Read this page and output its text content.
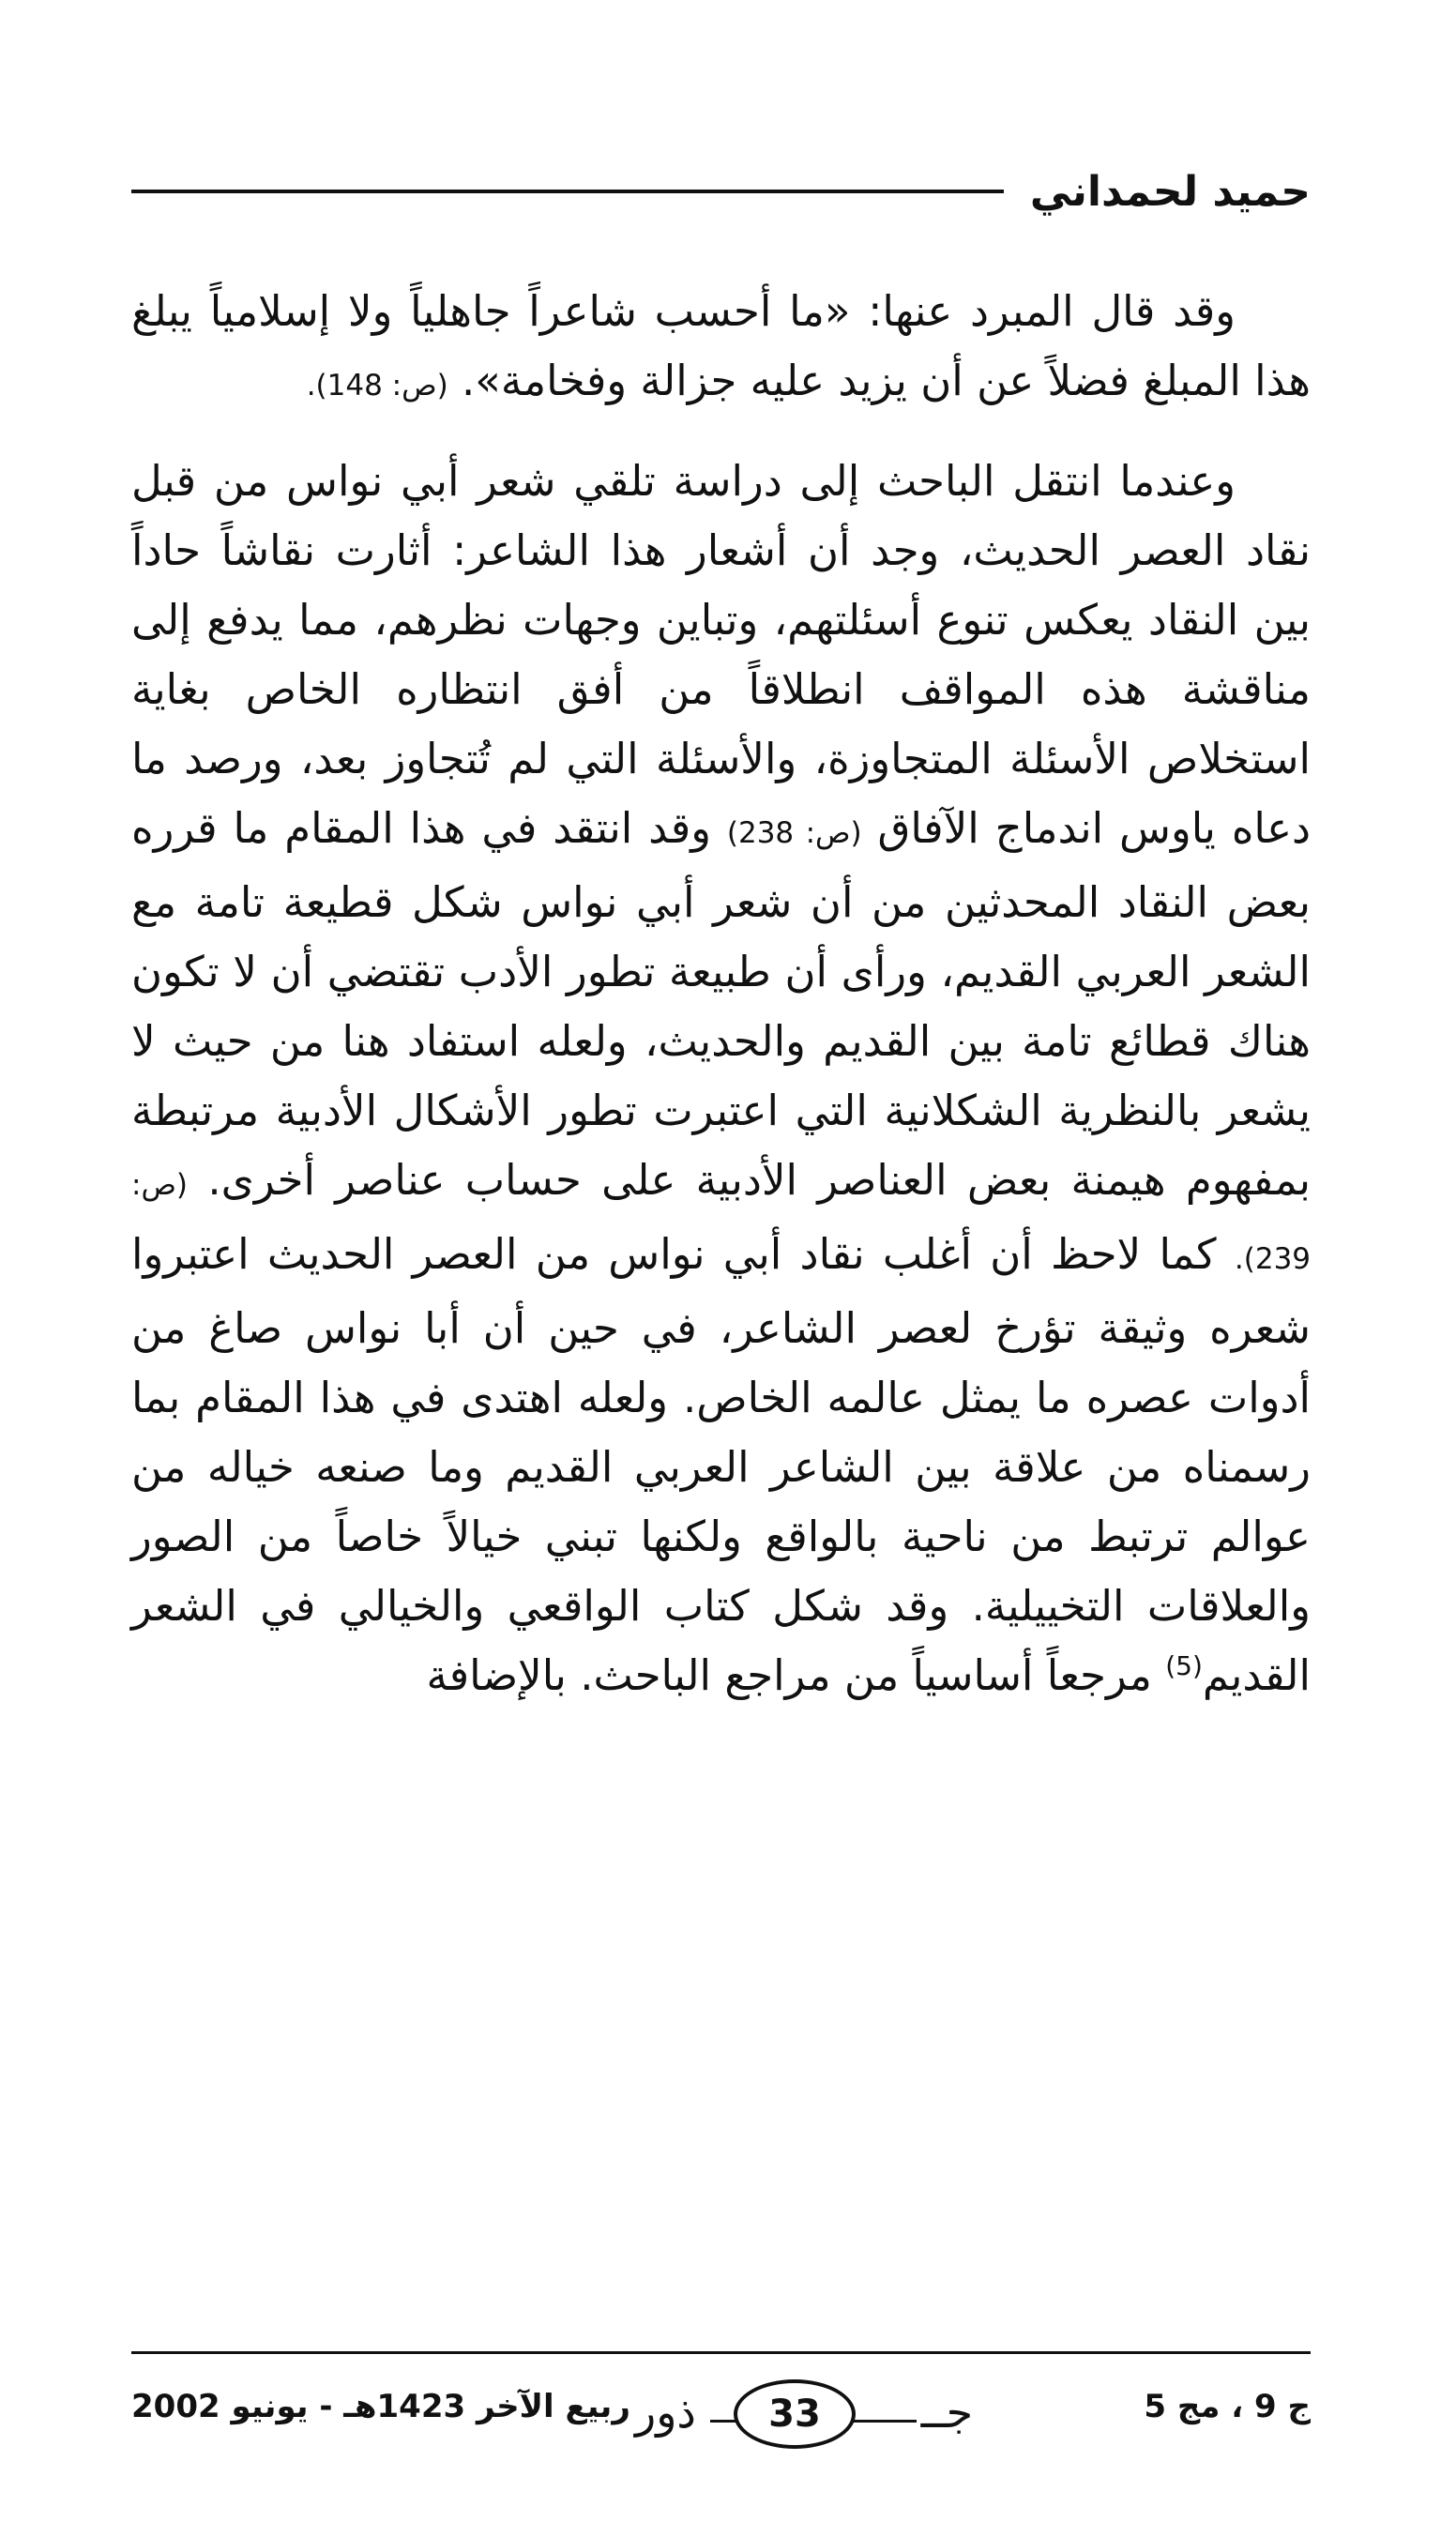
حميد لحمداني

وقد قال المبرد عنها: «ما أحسب شاعراً جاهلياً ولا إسلامياً يبلغ هذا المبلغ فضلاً عن أن يزيد عليه جزالة وفخامة». (ص: 148).

وعندما انتقل الباحث إلى دراسة تلقي شعر أبي نواس من قبل نقاد العصر الحديث، وجد أن أشعار هذا الشاعر: أثارت نقاشاً حاداً بين النقاد يعكس تنوع أسئلتهم، وتباين وجهات نظرهم، مما يدفع إلى مناقشة هذه المواقف انطلاقاً من أفق انتظاره الخاص بغاية استخلاص الأسئلة المتجاوزة، والأسئلة التي لم تُتجاوز بعد، ورصد ما دعاه ياوس اندماج الآفاق (ص: 238) وقد انتقد في هذا المقام ما قرره بعض النقاد المحدثين من أن شعر أبي نواس شكل قطيعة تامة مع الشعر العربي القديم، ورأى أن طبيعة تطور الأدب تقتضي أن لا تكون هناك قطائع تامة بين القديم والحديث، ولعله استفاد هنا من حيث لا يشعر بالنظرية الشكلانية التي اعتبرت تطور الأشكال الأدبية مرتبطة بمفهوم هيمنة بعض العناصر الأدبية على حساب عناصر أخرى. (ص: 239). كما لاحظ أن أغلب نقاد أبي نواس من العصر الحديث اعتبروا شعره وثيقة تؤرخ لعصر الشاعر، في حين أن أبا نواس صاغ من أدوات عصره ما يمثل عالمه الخاص. ولعله اهتدى في هذا المقام بما رسمناه من علاقة بين الشاعر العربي القديم وما صنعه خياله من عوالم ترتبط من ناحية بالواقع ولكنها تبني خيالاً خاصاً من الصور والعلاقات التخييلية. وقد شكل كتاب الواقعي والخيالي في الشعر القديم$^{(5)}$ مرجعاً أساسياً من مراجع الباحث. بالإضافة

ج 9 ، مج 5
جــ
33
ذور
ربيع الآخر 1423هـ - يونيو 2002
